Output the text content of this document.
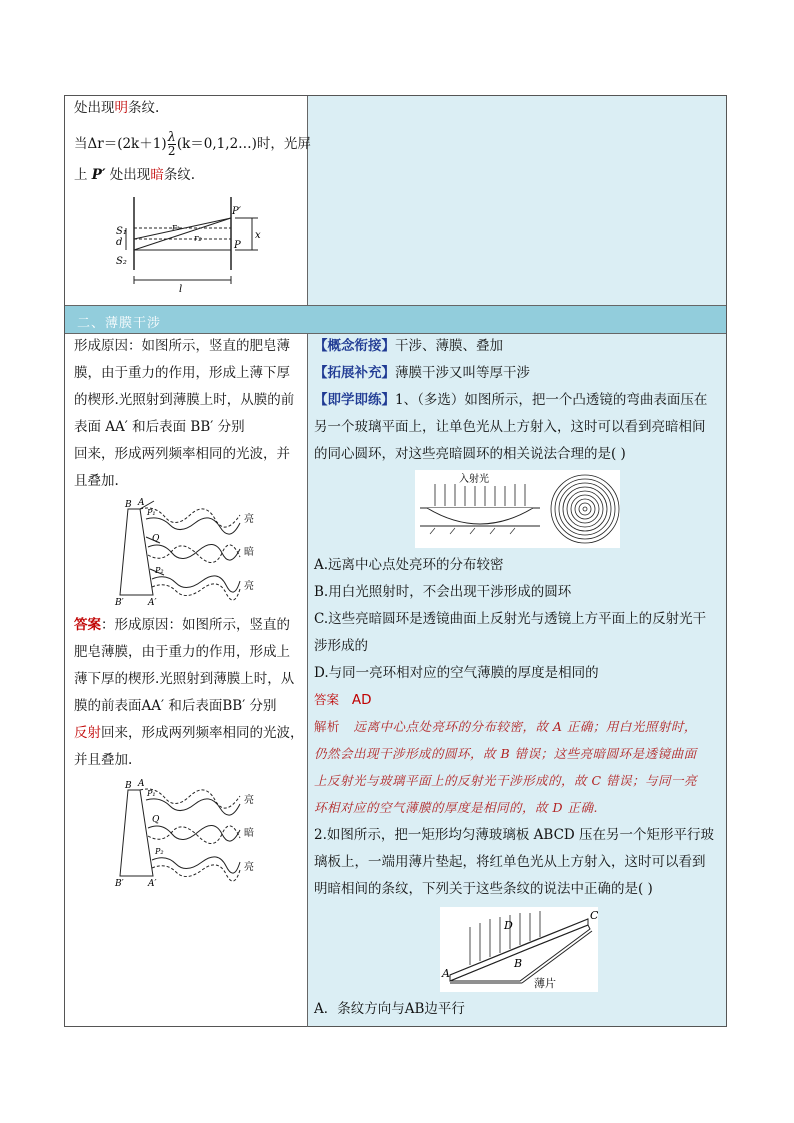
二、薄膜干涉
处出现明条纹.
当$\Delta r=(2k+1) \frac{\lambda}{2}$ (k＝0,1,2…)时，光屏
上 P′ 处出现暗条纹.
S₁
d
S₂
r₁
r₂
P′
P
x
l
形成原因：如图所示，竖直的肥皂薄
膜，由于重力的作用，形成上薄下厚
的楔形.光照射到薄膜上时，从膜的前
表面 AA′ 和后表面 BB′ 分别
回来，形成两列频率相同的光波，并
且叠加.
B A
P₁
Q
P₂
B′	A′
亮
暗
亮
答案：形成原因：如图所示，竖直的
肥皂薄膜，由于重力的作用，形成上
薄下厚的楔形.光照射到薄膜上时，从
膜的前表面AA′ 和后表面BB′ 分别
反射回来，形成两列频率相同的光波，
并且叠加.
B A
P₁
Q
P₂
B′	A′
亮
暗
亮
【概念衔接】干涉、薄膜、叠加
【拓展补充】薄膜干涉又叫等厚干涉
【即学即练】1、（多选）如图所示，把一个凸透镜的弯曲表面压在
另一个玻璃平面上，让单色光从上方射入，这时可以看到亮暗相间
的同心圆环，对这些亮暗圆环的相关说法合理的是( )
入射光
A.远离中心点处亮环的分布较密
B.用白光照射时，不会出现干涉形成的圆环
C.这些亮暗圆环是透镜曲面上反射光与透镜上方平面上的反射光干
涉形成的
D.与同一亮环相对应的空气薄膜的厚度是相同的
答案 AD
解析 远离中心点处亮环的分布较密，故 A 正确；用白光照射时，
仍然会出现干涉形成的圆环，故 B 错误；这些亮暗圆环是透镜曲面
上反射光与玻璃平面上的反射光干涉形成的，故 C 错误；与同一亮
环相对应的空气薄膜的厚度是相同的，故 D 正确.
2.如图所示，把一矩形均匀薄玻璃板 ABCD 压在另一个矩形平行玻
璃板上，一端用薄片垫起，将红单色光从上方射入，这时可以看到
明暗相间的条纹，下列关于这些条纹的说法中正确的是( )
A
B
C
D
薄片
A．条纹方向与AB边平行
